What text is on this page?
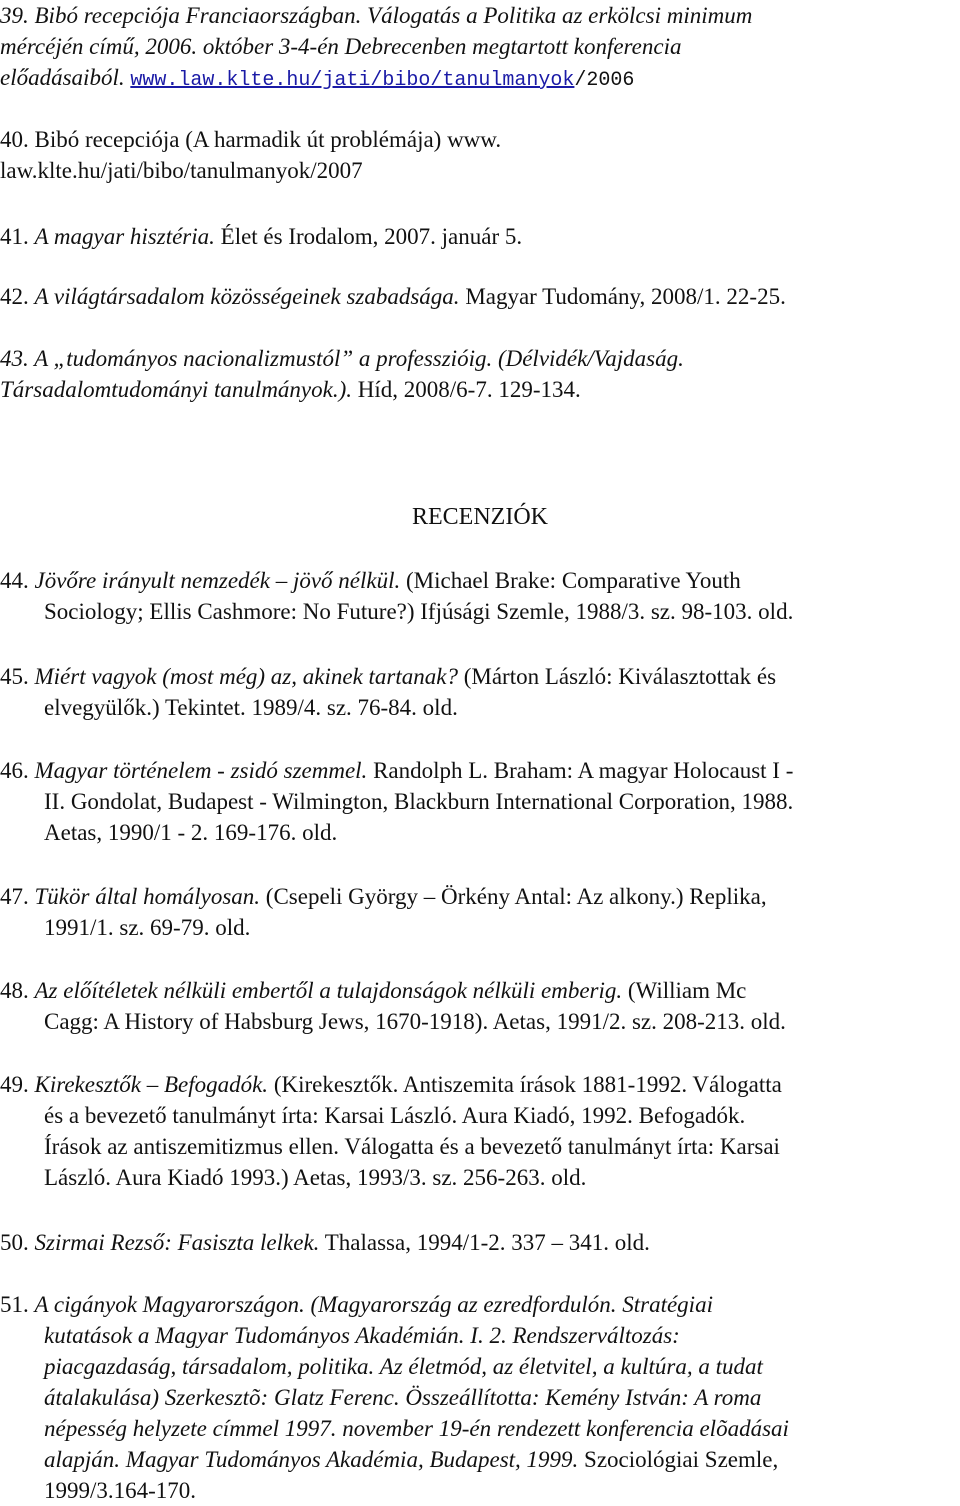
39. Bibó recepciója Franciaországban. Válogatás a Politika az erkölcsi minimum
mércéjén című, 2006. október 3-4-én Debrecenben megtartott konferencia
előadásaiból. www.law.klte.hu/jati/bibo/tanulmanyok/2006
40. Bibó recepciója (A harmadik út problémája) www.
law.klte.hu/jati/bibo/tanulmanyok/2007
41. A magyar hisztéria. Élet és Irodalom, 2007. január 5.
42. A világtársadalom közösségeinek szabadsága. Magyar Tudomány, 2008/1. 22-25.
43. A „tudományos nacionalizmustól” a professzióig. (Délvidék/Vajdaság.
Társadalomtudományi tanulmányok.). Híd, 2008/6-7. 129-134.
RECENZIÓK
44. Jövőre irányult nemzedék – jövő nélkül. (Michael Brake: Comparative Youth
Sociology; Ellis Cashmore: No Future?) Ifjúsági Szemle, 1988/3. sz. 98-103. old.
45. Miért vagyok (most még) az, akinek tartanak? (Márton László: Kiválasztottak és
elvegyülők.) Tekintet. 1989/4. sz. 76-84. old.
46. Magyar történelem - zsidó szemmel. Randolph L. Braham: A magyar Holocaust I -
II. Gondolat, Budapest - Wilmington, Blackburn International Corporation, 1988.
Aetas, 1990/1 - 2. 169-176. old.
47. Tükör által homályosan. (Csepeli György – Örkény Antal: Az alkony.) Replika,
1991/1. sz. 69-79. old.
48. Az előítéletek nélküli embertől a tulajdonságok nélküli emberig. (William Mc
Cagg: A History of Habsburg Jews, 1670-1918). Aetas, 1991/2. sz. 208-213. old.
49. Kirekesztők – Befogadók. (Kirekesztők. Antiszemita írások 1881-1992. Válogatta
és a bevezető tanulmányt írta: Karsai László. Aura Kiadó, 1992. Befogadók.
Írások az antiszemitizmus ellen. Válogatta és a bevezető tanulmányt írta: Karsai
László. Aura Kiadó 1993.) Aetas, 1993/3. sz. 256-263. old.
50. Szirmai Rezső: Fasiszta lelkek. Thalassa, 1994/1-2. 337 – 341. old.
51. A cigányok Magyarországon. (Magyarország az ezredfordulón. Stratégiai
kutatások a Magyar Tudományos Akadémián. I. 2. Rendszerváltozás:
piacgazdaság, társadalom, politika. Az életmód, az életvitel, a kultúra, a tudat
átalakulása) Szerkesztõ: Glatz Ferenc. Összeállította: Kemény István: A roma
népesség helyzete címmel 1997. november 19-én rendezett konferencia elõadásai
alapján. Magyar Tudományos Akadémia, Budapest, 1999. Szociológiai Szemle,
1999/3.164-170.
